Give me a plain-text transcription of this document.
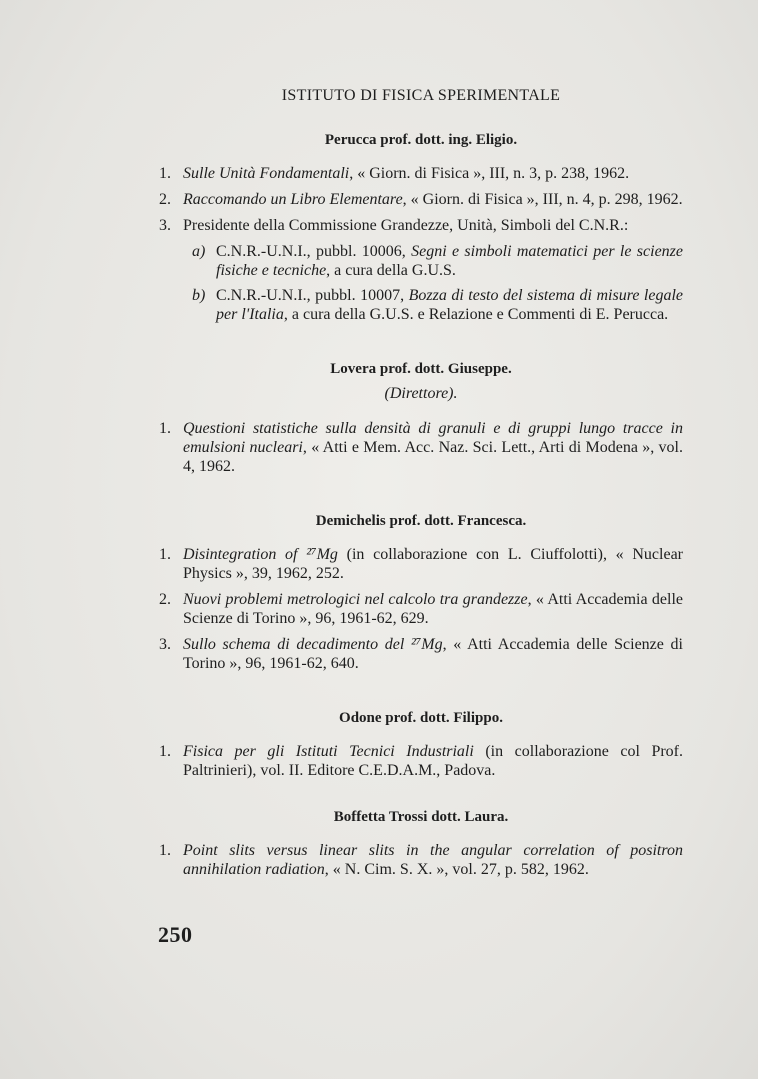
ISTITUTO DI FISICA SPERIMENTALE
Perucca prof. dott. ing. Eligio.
1. Sulle Unità Fondamentali, « Giorn. di Fisica », III, n. 3, p. 238, 1962.
2. Raccomando un Libro Elementare, « Giorn. di Fisica », III, n. 4, p. 298, 1962.
3. Presidente della Commissione Grandezze, Unità, Simboli del C.N.R.:
a) C.N.R.-U.N.I., pubbl. 10006, Segni e simboli matematici per le scienze fisiche e tecniche, a cura della G.U.S.
b) C.N.R.-U.N.I., pubbl. 10007, Bozza di testo del sistema di misure legale per l'Italia, a cura della G.U.S. e Relazione e Commenti di E. Perucca.
Lovera prof. dott. Giuseppe.
(Direttore).
1. Questioni statistiche sulla densità di granuli e di gruppi lungo tracce in emulsioni nucleari, « Atti e Mem. Acc. Naz. Sci. Lett., Arti di Modena », vol. 4, 1962.
Demichelis prof. dott. Francesca.
1. Disintegration of ²⁷Mg (in collaborazione con L. Ciuffolotti), « Nuclear Physics », 39, 1962, 252.
2. Nuovi problemi metrologici nel calcolo tra grandezze, « Atti Accademia delle Scienze di Torino », 96, 1961-62, 629.
3. Sullo schema di decadimento del ²⁷Mg, « Atti Accademia delle Scienze di Torino », 96, 1961-62, 640.
Odone prof. dott. Filippo.
1. Fisica per gli Istituti Tecnici Industriali (in collaborazione col Prof. Paltrinieri), vol. II. Editore C.E.D.A.M., Padova.
Boffetta Trossi dott. Laura.
1. Point slits versus linear slits in the angular correlation of positron annihilation radiation, « N. Cim. S. X. », vol. 27, p. 582, 1962.
250
